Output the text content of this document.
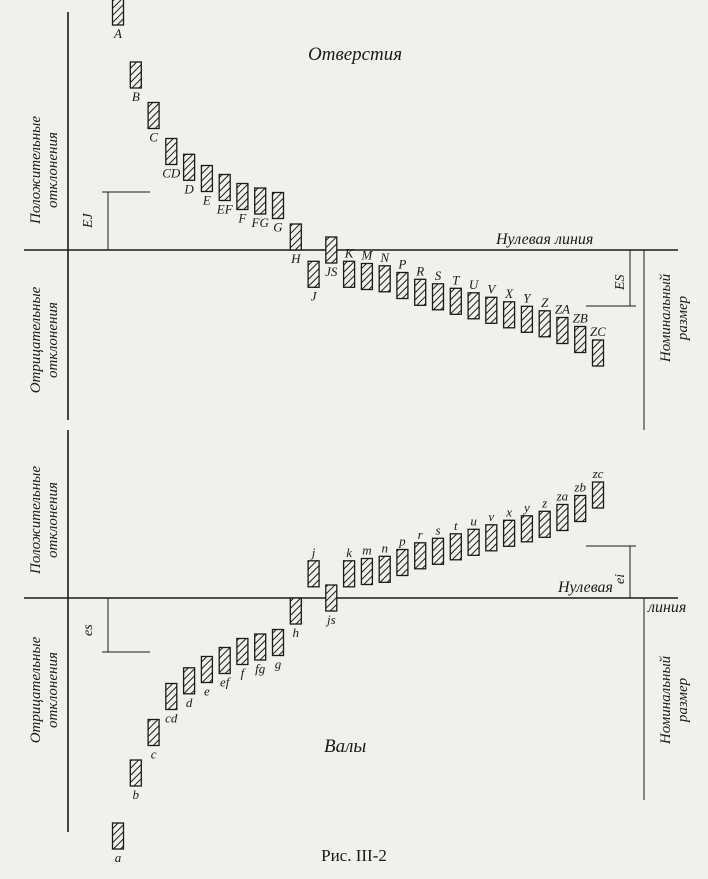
Отверстия
Нулевая линия
Положительные отклонения
Отрицательные отклонения	Номинальный размер
EJ
ES
A
B
C
CD
D
E
EF
F FG G
H
J
JS
K M N P R S T U V X Y Z ZA
ZB
ZC
Валы
Нулевая
линия
Положительные отклонения
Отрицательные отклонения	Номинальный размер
es
ei
a
b
c
cd
d
e
ef
f fg g
h
j
js
k m n p r s t u v x y z za
zb
zc
Рис. III-2
